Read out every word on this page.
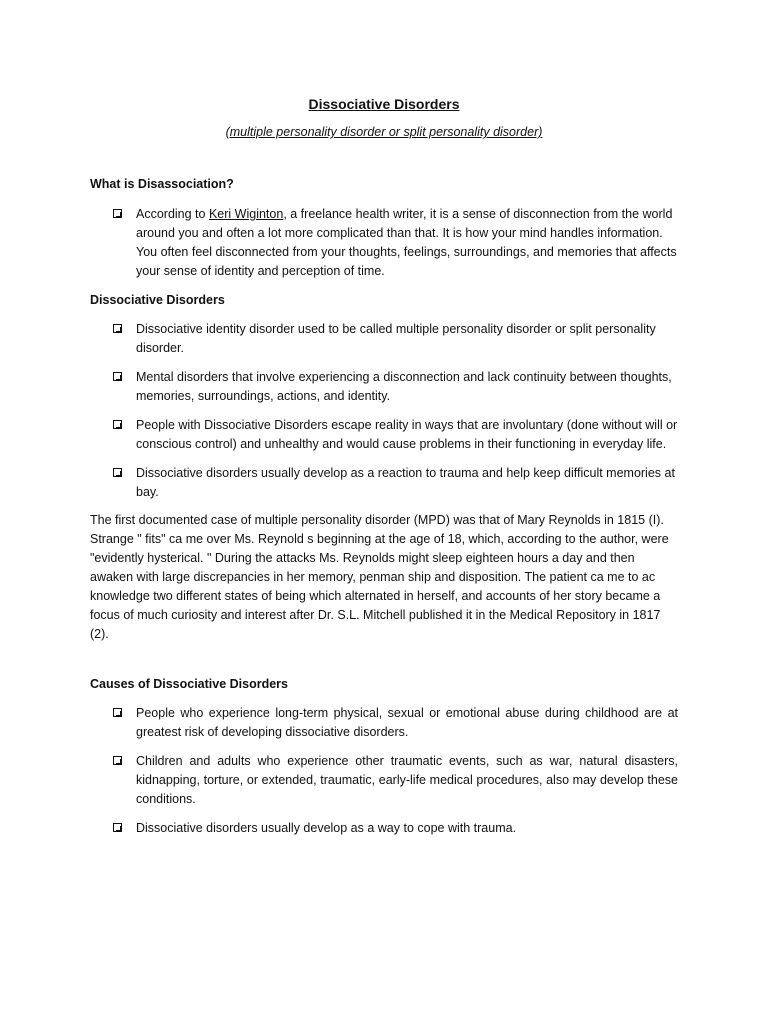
Dissociative Disorders

(multiple personality disorder or split personality disorder)

What is Disassociation?
According to Keri Wiginton, a freelance health writer, it is a sense of disconnection from the world around you and often a lot more complicated than that. It is how your mind handles information. You often feel disconnected from your thoughts, feelings, surroundings, and memories that affects your sense of identity and perception of time.
Dissociative Disorders
Dissociative identity disorder used to be called multiple personality disorder or split personality disorder.
Mental disorders that involve experiencing a disconnection and lack continuity between thoughts, memories, surroundings, actions, and identity.
People with Dissociative Disorders escape reality in ways that are involuntary (done without will or conscious control) and unhealthy and would cause problems in their functioning in everyday life.
Dissociative disorders usually develop as a reaction to trauma and help keep difficult memories at bay.

The first documented case of multiple personality disorder (MPD) was that of Mary Reynolds in 1815 (I). Strange " fits" ca me over Ms. Reynold s beginning at the age of 18, which, according to the author, were "evidently hysterical. " During the attacks Ms. Reynolds might sleep eighteen hours a day and then awaken with large discrepancies in her memory, penman ship and disposition. The patient ca me to ac knowledge two different states of being which alternated in herself, and accounts of her story became a focus of much curiosity and interest after Dr. S.L. Mitchell published it in the Medical Repository in 1817 (2).

Causes of Dissociative Disorders
People who experience long-term physical, sexual or emotional abuse during childhood are at greatest risk of developing dissociative disorders.
Children and adults who experience other traumatic events, such as war, natural disasters, kidnapping, torture, or extended, traumatic, early-life medical procedures, also may develop these conditions.
Dissociative disorders usually develop as a way to cope with trauma.
